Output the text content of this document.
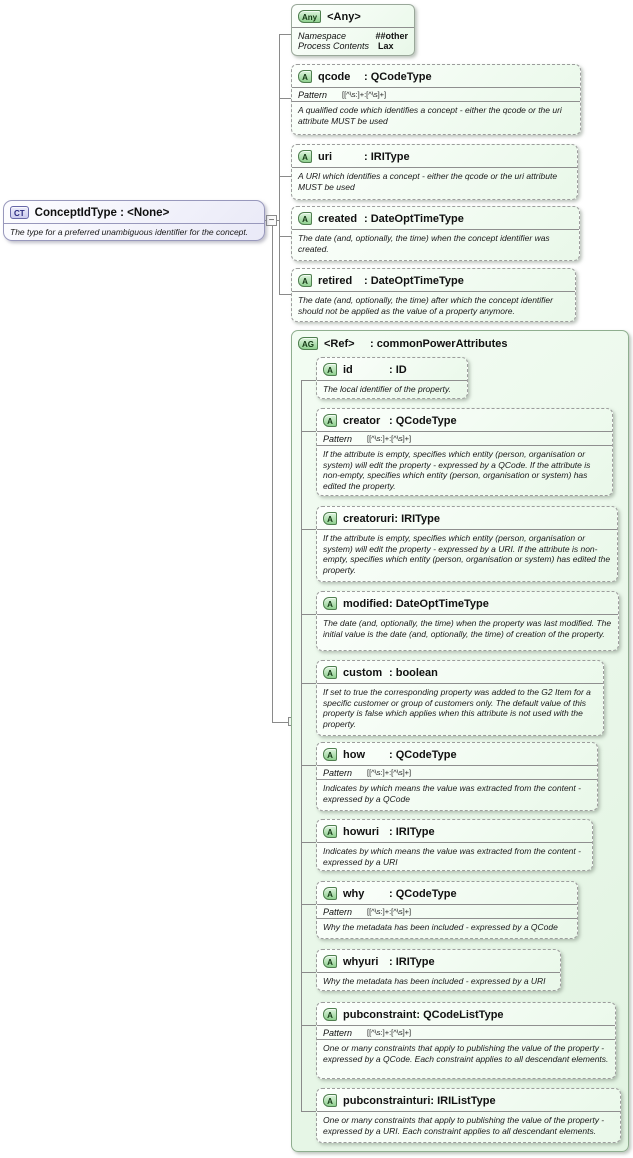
−
CT ConceptIdType : <None>
The type for a preferred unambiguous identifier for the concept.
Any <Any>
Namespace	##other
Process Contents Lax
A qcode	: QCodeType
Pattern	[[^\s:]+:[^\s]+]
A qualified code which identifies a concept - either the qcode or the uri attribute MUST be used
A uri	: IRIType
A URI which identifies a concept - either the qcode or the uri attribute MUST be used
A created : DateOptTimeType
The date (and, optionally, the time) when the concept identifier was created.
A retired	: DateOptTimeType
The date (and, optionally, the time) after which the concept identifier should not be applied as the value of a property anymore.
AG <Ref>	: commonPowerAttributes
A id	: ID
The local identifier of the property.
A creator : QCodeType
Pattern	[[^\s:]+:[^\s]+]
If the attribute is empty, specifies which entity (person, organisation or system) will edit the property - expressed by a QCode. If the attribute is non-empty, specifies which entity (person, organisation or system) has edited the property.
A creatoruri : IRIType
If the attribute is empty, specifies which entity (person, organisation or system) will edit the property - expressed by a URI. If the attribute is non-empty, specifies which entity (person, organisation or system) has edited the property.
A modified : DateOptTimeType
The date (and, optionally, the time) when the property was last modified. The initial value is the date (and, optionally, the time) of creation of the property.
A custom : boolean
If set to true the corresponding property was added to the G2 Item for a specific customer or group of customers only. The default value of this property is false which applies when this attribute is not used with the property.
A how	: QCodeType
Pattern	[[^\s:]+:[^\s]+]
Indicates by which means the value was extracted from the content - expressed by a QCode
A howuri : IRIType
Indicates by which means the value was extracted from the content - expressed by a URI
A why	: QCodeType
Pattern	[[^\s:]+:[^\s]+]
Why the metadata has been included - expressed by a QCode
A whyuri : IRIType
Why the metadata has been included - expressed by a URI
A pubconstraint : QCodeListType
Pattern	[[^\s:]+:[^\s]+]
One or many constraints that apply to publishing the value of the property - expressed by a QCode. Each constraint applies to all descendant elements.
A pubconstrainturi : IRIListType
One or many constraints that apply to publishing the value of the property - expressed by a URI. Each constraint applies to all descendant elements.
